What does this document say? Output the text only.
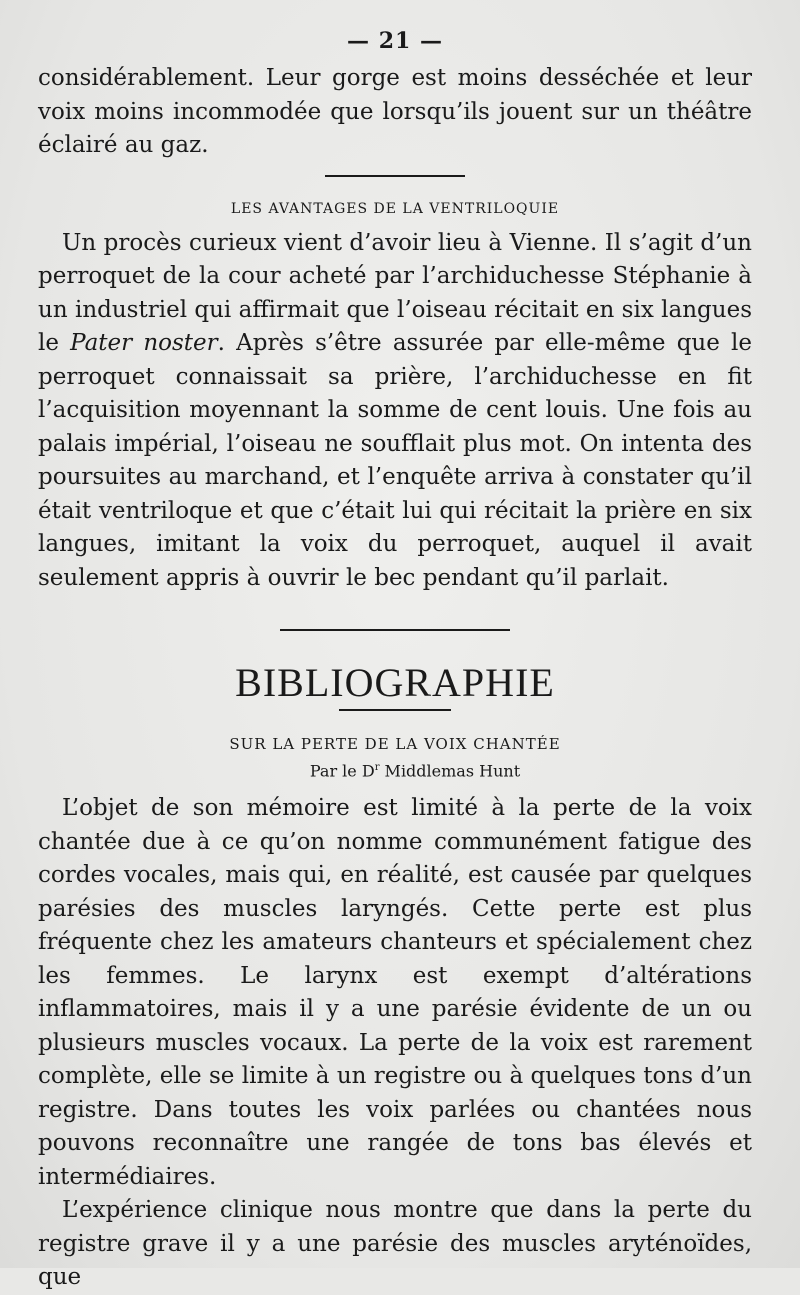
— 21 —

considérablement. Leur gorge est moins desséchée et leur voix moins incommodée que lorsqu’ils jouent sur un théâtre éclairé au gaz.

LES AVANTAGES DE LA VENTRILOQUIE

Un procès curieux vient d’avoir lieu à Vienne. Il s’agit d’un perroquet de la cour acheté par l’archiduchesse Stéphanie à un industriel qui affirmait que l’oiseau récitait en six langues le Pater noster. Après s’être assurée par elle-même que le perroquet connaissait sa prière, l’archiduchesse en fit l’acquisition moyennant la somme de cent louis. Une fois au palais impérial, l’oiseau ne soufflait plus mot. On intenta des poursuites au marchand, et l’enquête arriva à constater qu’il était ventriloque et que c’était lui qui récitait la prière en six langues, imitant la voix du perroquet, auquel il avait seulement appris à ouvrir le bec pendant qu’il parlait.

BIBLIOGRAPHIE
SUR LA PERTE DE LA VOIX CHANTÉE
Par le $D^r$ Middlemas Hunt

L’objet de son mémoire est limité à la perte de la voix chantée due à ce qu’on nomme communément fatigue des cordes vocales, mais qui, en réalité, est causée par quelques parésies des muscles laryngés. Cette perte est plus fréquente chez les amateurs chanteurs et spécialement chez les femmes. Le larynx est exempt d’altérations inflammatoires, mais il y a une parésie évidente de un ou plusieurs muscles vocaux. La perte de la voix est rarement complète, elle se limite à un registre ou à quelques tons d’un registre. Dans toutes les voix parlées ou chantées nous pouvons reconnaître une rangée de tons bas élevés et intermédiaires.

L’expérience clinique nous montre que dans la perte du registre grave il y a une parésie des muscles aryténoïdes, que
